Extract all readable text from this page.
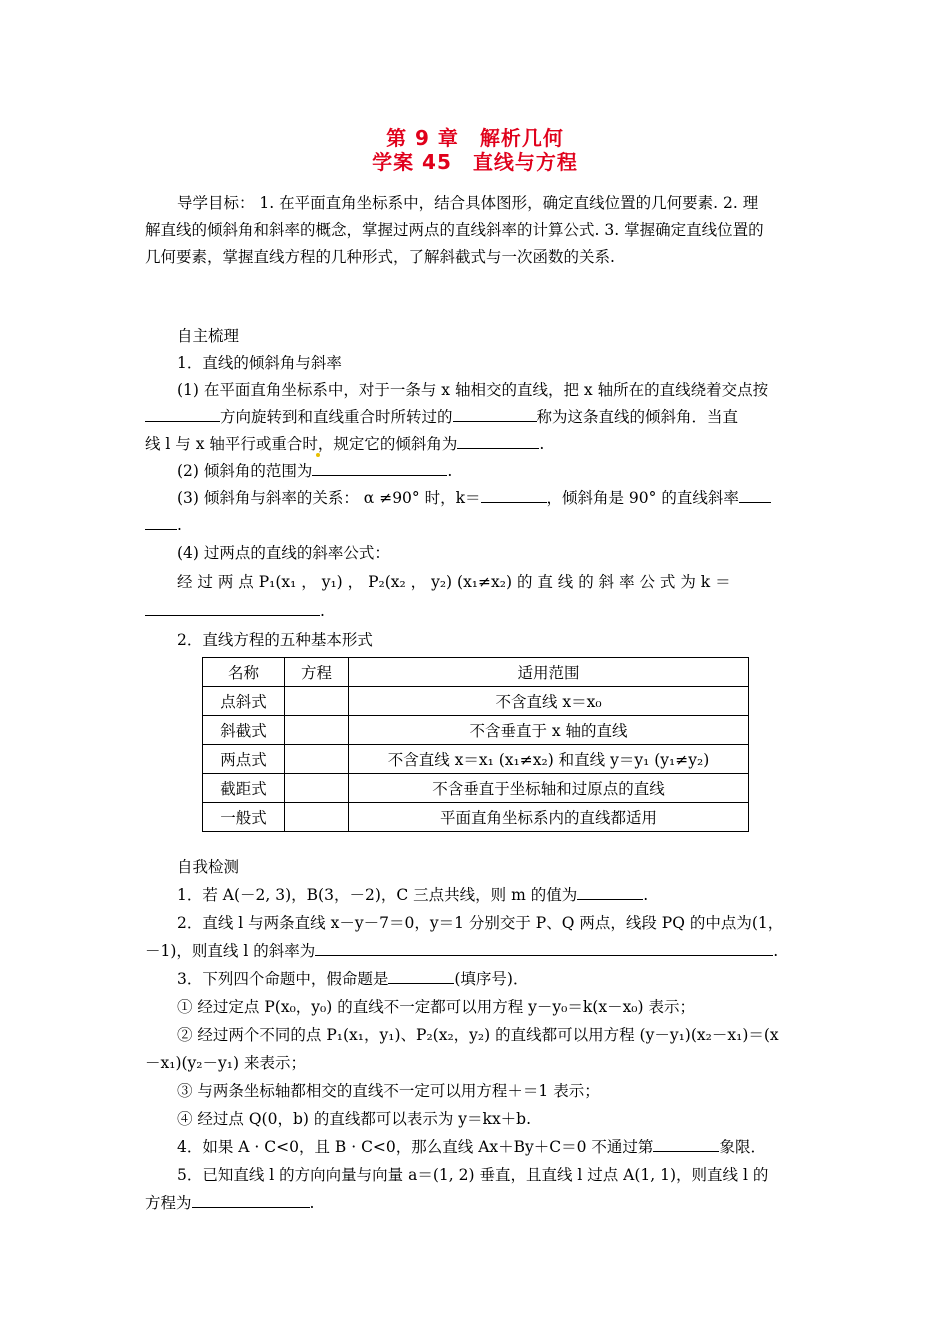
第 9 章　解析几何
学案 45　直线与方程
导学目标： 1. 在平面直角坐标系中，结合具体图形，确定直线位置的几何要素. 2. 理
解直线的倾斜角和斜率的概念，掌握过两点的直线斜率的计算公式. 3. 掌握确定直线位置的
几何要素，掌握直线方程的几种形式，了解斜截式与一次函数的关系.
自主梳理
1．直线的倾斜角与斜率
(1) 在平面直角坐标系中，对于一条与 x 轴相交的直线，把 x 轴所在的直线绕着交点按
方向旋转到和直线重合时所转过的	称为这条直线的倾斜角．当直
线 l 与 x 轴平行或重合时，规定它的倾斜角为	.
(2) 倾斜角的范围为	.
(3) 倾斜角与斜率的关系： α ≠90° 时，k＝	，倾斜角是 90° 的直线斜率
.
(4) 过两点的直线的斜率公式：
经 过 两 点 P₁(x₁ ， y₁) ， P₂(x₂ ， y₂) (x₁≠x₂) 的 直 线 的 斜 率 公 式 为 k ＝
.
2．直线方程的五种基本形式
名称	方程	适用范围
点斜式		不含直线 x＝x₀
斜截式		不含垂直于 x 轴的直线
两点式		不含直线 x＝x₁ (x₁≠x₂) 和直线 y＝y₁ (y₁≠y₂)
截距式		不含垂直于坐标轴和过原点的直线
一般式		平面直角坐标系内的直线都适用
自我检测
1．若 A(－2, 3)，B(3，－2)，C 三点共线，则 m 的值为	.
2．直线 l 与两条直线 x－y－7＝0，y＝1 分别交于 P、Q 两点，线段 PQ 的中点为(1，
－1)，则直线 l 的斜率为	.
3．下列四个命题中，假命题是	(填序号)．
① 经过定点 P(x₀，y₀) 的直线不一定都可以用方程 y－y₀＝k(x－x₀) 表示；
② 经过两个不同的点 P₁(x₁，y₁)、P₂(x₂，y₂) 的直线都可以用方程 (y－y₁)(x₂－x₁)＝(x
－x₁)(y₂－y₁) 来表示；
③ 与两条坐标轴都相交的直线不一定可以用方程＋＝1 表示；
④ 经过点 Q(0，b) 的直线都可以表示为 y＝kx＋b.
4．如果 A · C<0，且 B · C<0，那么直线 Ax＋By＋C＝0 不通过第	象限．
5．已知直线 l 的方向向量与向量 a＝(1, 2) 垂直，且直线 l 过点 A(1, 1)，则直线 l 的
方程为	.
